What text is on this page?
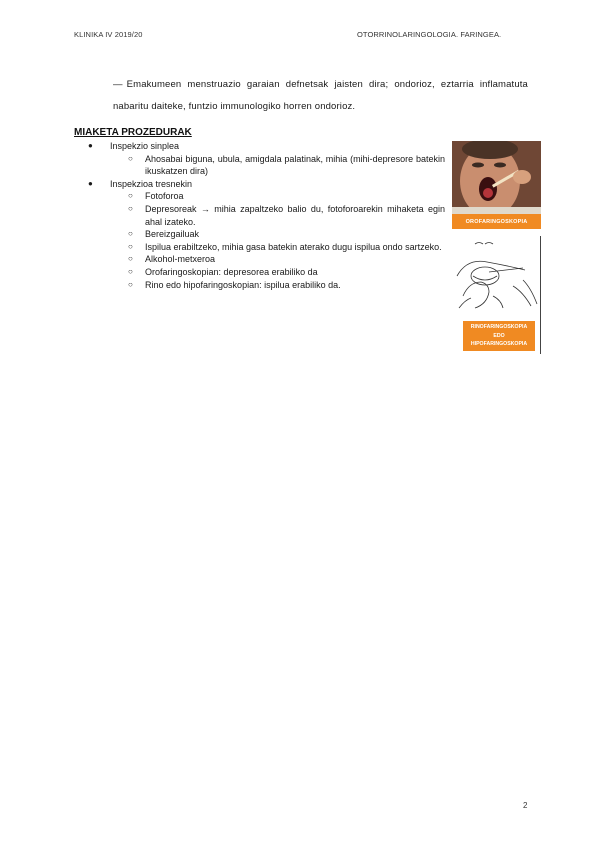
KLINIKA IV 2019/20	OTORRINOLARINGOLOGIA. FARINGEA.
— Emakumeen menstruazio garaian defnetsak jaisten dira; ondorioz, eztarria inflamatuta nabaritu daiteke, funtzio immunologiko horren ondorioz.
MIAKETA PROZEDURAK
● Inspekzio sinplea
○ Ahosabai biguna, ubula, amigdala palatinak, mihia (mihi-depresore batekin ikuskatzen dira)
● Inspekzioa tresnekin
○ Fotoforoa
○ Depresoreak → mihia zapaltzeko balio du, fotoforoarekin mihaketa egin ahal izateko.
○ Bereizgailuak
○ Ispilua erabiltzeko, mihia gasa batekin aterako dugu ispilua ondo sartzeko.
○ Alkohol-metxeroa
○ Orofaringoskopian: depresorea erabiliko da
○ Rino edo hipofaringoskopian: ispilua erabiliko da.
OROFARINGOSKOPIA
RINOFARINGOSKOPIA
EDO
HIPOFARINGOSKOPIA
2
